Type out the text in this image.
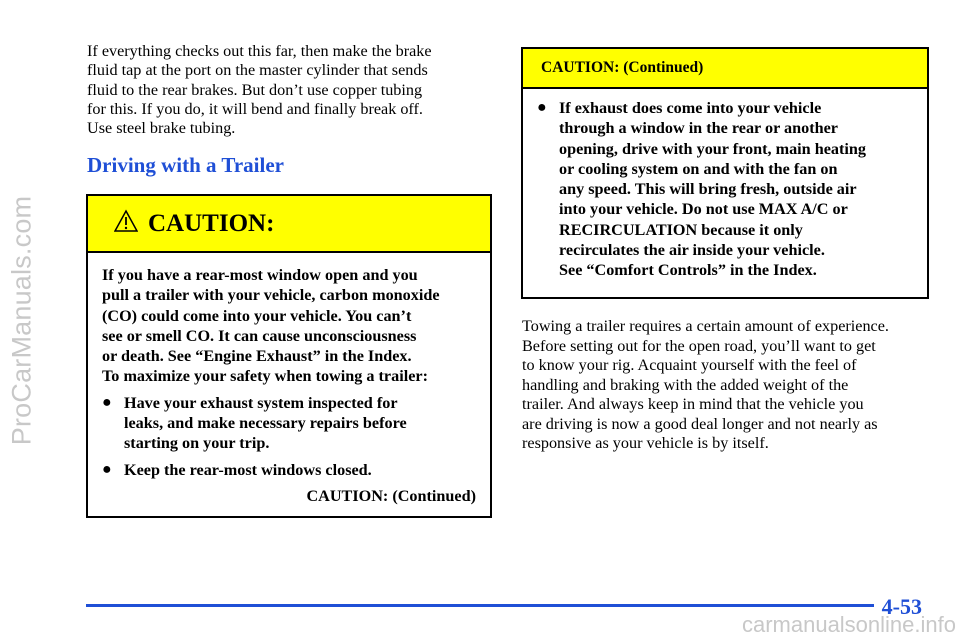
ProCarManuals.com
If everything checks out this far, then make the brake
fluid tap at the port on the master cylinder that sends
fluid to the rear brakes. But don’t use copper tubing
for this. If you do, it will bend and finally break off.
Use steel brake tubing.
Driving with a Trailer
CAUTION:
If you have a rear-most window open and you
pull a trailer with your vehicle, carbon monoxide
(CO) could come into your vehicle. You can’t
see or smell CO. It can cause unconsciousness
or death. See “Engine Exhaust” in the Index.
To maximize your safety when towing a trailer:
● Have your exhaust system inspected for
leaks, and make necessary repairs before
starting on your trip.
● Keep the rear-most windows closed.
CAUTION: (Continued)
CAUTION: (Continued)
● If exhaust does come into your vehicle
through a window in the rear or another
opening, drive with your front, main heating
or cooling system on and with the fan on
any speed. This will bring fresh, outside air
into your vehicle. Do not use MAX A/C or
RECIRCULATION because it only
recirculates the air inside your vehicle.
See “Comfort Controls” in the Index.
Towing a trailer requires a certain amount of experience.
Before setting out for the open road, you’ll want to get
to know your rig. Acquaint yourself with the feel of
handling and braking with the added weight of the
trailer. And always keep in mind that the vehicle you
are driving is now a good deal longer and not nearly as
responsive as your vehicle is by itself.
4-53
carmanualsonline.info
